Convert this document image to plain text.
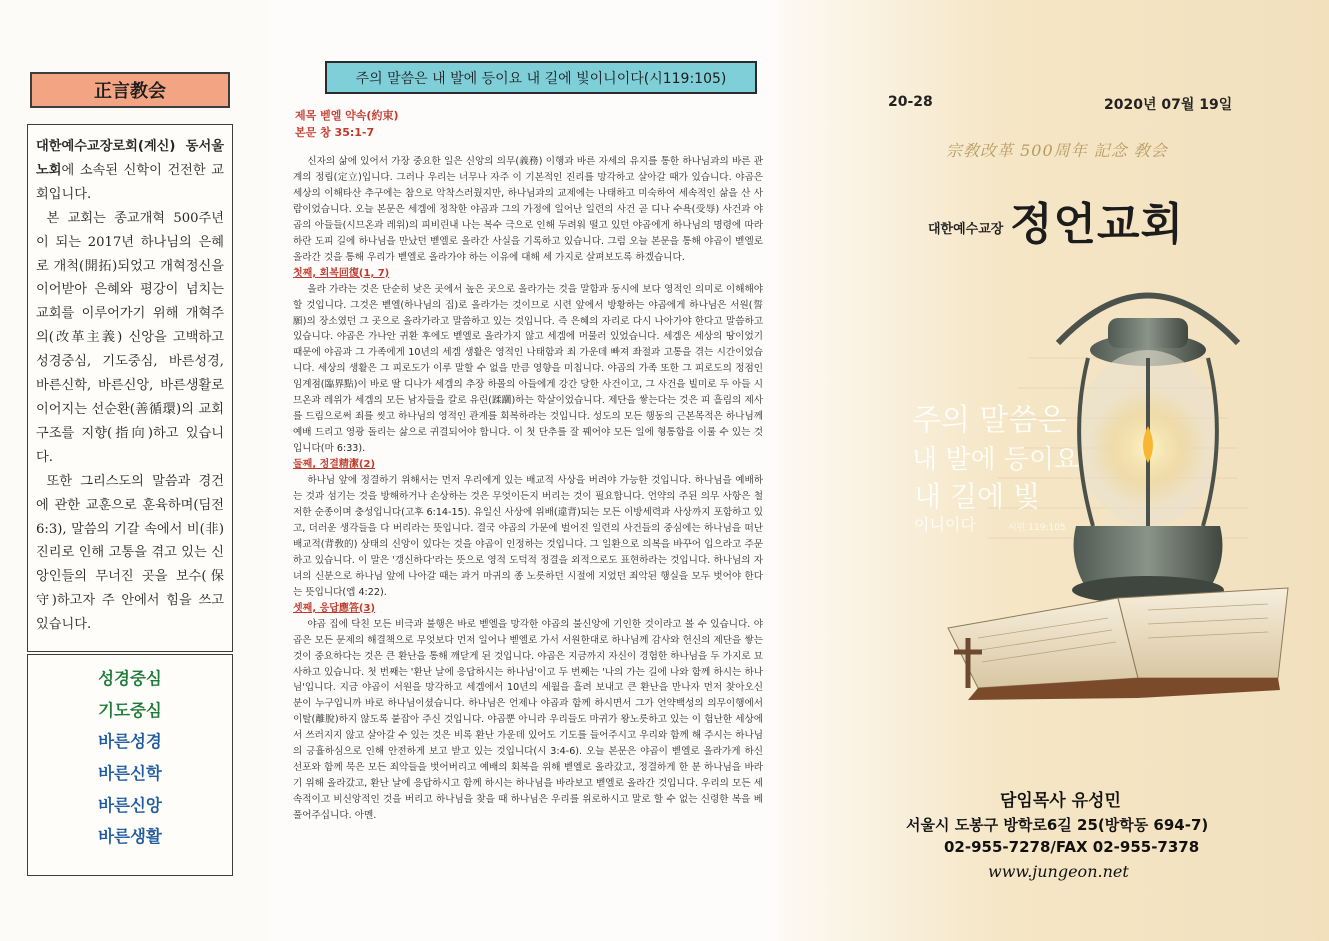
正言教会

대한예수교장로회(계신) 동서울 노회에 소속된 신학이 건전한 교회입니다.

본 교회는 종교개혁 500주년이 되는 2017년 하나님의 은혜로 개척(開拓)되었고 개혁정신을 이어받아 은혜와 평강이 넘치는 교회를 이루어가기 위해 개혁주의(改革主義) 신앙을 고백하고 성경중심, 기도중심, 바른성경, 바른신학, 바른신앙, 바른생활로 이어지는 선순환(善循環)의 교회 구조를 지향(指向)하고 있습니다.

또한 그리스도의 말씀과 경건에 관한 교훈으로 훈육하며(딤전 6:3), 말씀의 기갈 속에서 비(非) 진리로 인해 고통을 겪고 있는 신앙인들의 무너진 곳을 보수(保守)하고자 주 안에서 힘을 쓰고 있습니다.

성경중심
기도중심
바른성경
바른신학
바른신앙
바른생활
주의 말씀은 내 발에 등이요 내 길에 빛이니이다(시119:105)
제목 벧엘 약속(約束)
본문 창 35:1-7

신자의 삶에 있어서 가장 중요한 일은 신앙의 의무(義務) 이행과 바른 자세의 유지를 통한 하나님과의 바른 관계의 정립(定立)입니다. 그러나 우리는 너무나 자주 이 기본적인 진리를 망각하고 살아갈 때가 있습니다. 야곱은 세상의 이해타산 추구에는 참으로 악착스러웠지만, 하나님과의 교제에는 나태하고 미숙하여 세속적인 삶을 산 사람이었습니다. 오늘 본문은 세겜에 정착한 야곱과 그의 가정에 일어난 일련의 사건 곧 디나 수욕(受辱) 사건과 야곱의 아들들(시므온과 레위)의 피비린내 나는 복수 극으로 인해 두려워 떨고 있던 야곱에게 하나님의 명령에 따라 하란 도피 길에 하나님을 만났던 벧엘로 올라간 사실을 기록하고 있습니다. 그럼 오늘 본문을 통해 야곱이 벧엘로 올라간 것을 통해 우리가 벧엘로 올라가야 하는 이유에 대해 세 가지로 살펴보도록 하겠습니다.

첫째, 회복回復(1, 7)

올라 가라는 것은 단순히 낮은 곳에서 높은 곳으로 올라가는 것을 말함과 동시에 보다 영적인 의미로 이해해야 할 것입니다. 그것은 벧엘(하나님의 집)로 올라가는 것이므로 시련 앞에서 방황하는 야곱에게 하나님은 서원(誓願)의 장소였던 그 곳으로 올라가라고 말씀하고 있는 것입니다. 즉 은혜의 자리로 다시 나아가야 한다고 말씀하고 있습니다. 야곱은 가나안 귀환 후에도 벧엘로 올라가지 않고 세겜에 머물러 있었습니다. 세겜은 세상의 땅이었기 때문에 야곱과 그 가족에게 10년의 세겜 생활은 영적인 나태함과 죄 가운데 빠져 좌절과 고통을 겪는 시간이었습니다. 세상의 생활은 그 피로도가 이루 말할 수 없을 만큼 영향을 미칩니다. 야곱의 가족 또한 그 피로도의 정점인 임계점(臨界點)이 바로 딸 디나가 세겜의 추장 하몰의 아들에게 강간 당한 사건이고, 그 사건을 빌미로 두 아들 시므온과 레위가 세겜의 모든 남자들을 칼로 유린(蹂躪)하는 학살이었습니다. 제단을 쌓는다는 것은 피 흘림의 제사를 드림으로써 죄를 씻고 하나님의 영적인 관계를 회복하라는 것입니다. 성도의 모든 행동의 근본목적은 하나님께 예배 드리고 영광 돌리는 삶으로 귀결되어야 합니다. 이 첫 단추를 잘 꿰어야 모든 일에 형통함을 이룰 수 있는 것입니다(마 6:33).

둘째, 정결精潔(2)

하나님 앞에 정결하기 위해서는 먼저 우리에게 있는 배교적 사상을 버려야 가능한 것입니다. 하나님을 예배하는 것과 섬기는 것을 방해하거나 손상하는 것은 무엇이든지 버리는 것이 필요합니다. 언약의 주된 의무 사항은 철저한 순종이며 충성입니다(고후 6:14-15). 유일신 사상에 위배(違背)되는 모든 이방세력과 사상까지 포함하고 있고, 더러운 생각들을 다 버리라는 뜻입니다. 결국 야곱의 가문에 벌어진 일련의 사건들의 중심에는 하나님을 떠난 배교적(背敎的) 상태의 신앙이 있다는 것을 야곱이 인정하는 것입니다. 그 일환으로 의복을 바꾸어 입으라고 주문하고 있습니다. 이 말은 '갱신하다'라는 뜻으로 영적 도덕적 정결을 외적으로도 표현하라는 것입니다. 하나님의 자녀의 신분으로 하나님 앞에 나아갈 때는 과거 마귀의 종 노릇하던 시절에 지었던 죄악된 행실을 모두 벗어야 한다는 뜻입니다(엡 4:22).

셋째, 응답應答(3)

야곱 집에 닥친 모든 비극과 불행은 바로 벧엘을 망각한 야곱의 불신앙에 기인한 것이라고 볼 수 있습니다. 야곱은 모든 문제의 해결책으로 무엇보다 먼저 일어나 벧엘로 가서 서원한대로 하나님께 감사와 헌신의 제단을 쌓는 것이 중요하다는 것은 큰 환난을 통해 깨닫게 된 것입니다. 야곱은 지금까지 자신이 경험한 하나님을 두 가지로 묘사하고 있습니다. 첫 번째는 '환난 날에 응답하시는 하나님'이고 두 번째는 '나의 가는 길에 나와 함께 하시는 하나님'입니다. 지금 야곱이 서원을 망각하고 세겜에서 10년의 세월을 흘려 보내고 큰 환난을 만나자 먼저 찾아오신 분이 누구입니까 바로 하나님이셨습니다. 하나님은 언제나 야곱과 함께 하시면서 그가 언약백성의 의무이행에서 이탈(離脫)하지 않도록 붙잡아 주신 것입니다. 야곱뿐 아니라 우리들도 마귀가 왕노릇하고 있는 이 험난한 세상에서 쓰러지지 않고 살아갈 수 있는 것은 비록 환난 가운데 있어도 기도를 들어주시고 우리와 함께 해 주시는 하나님의 긍휼하심으로 인해 안전하게 보고 받고 있는 것입니다(시 3:4-6). 오늘 본문은 야곱이 벧엘로 올라가게 하신 선포와 함께 묵은 모든 죄악들을 벗어버리고 예배의 회복을 위해 벧엘로 올라갔고, 정결하게 한 분 하나님을 바라기 위해 올라갔고, 환난 날에 응답하시고 함께 하시는 하나님을 바라보고 벧엘로 올라간 것입니다. 우리의 모든 세속적이고 비신앙적인 것을 버리고 하나님을 찾을 때 하나님은 우리를 위로하시고 말로 할 수 없는 신령한 복을 베풀어주십니다. 아멘.

20-28	2020년 07월 19일
宗敎改革 500周年 記念 敎会
대한예수교장 정언교회
주의 말씀은
내 발에 등이요
내 길에 빛
이니이다	시편 119:105
담임목사 유성민
서울시 도봉구 방학로6길 25(방학동 694-7)
02-955-7278/FAX 02-955-7378
www.jungeon.net
